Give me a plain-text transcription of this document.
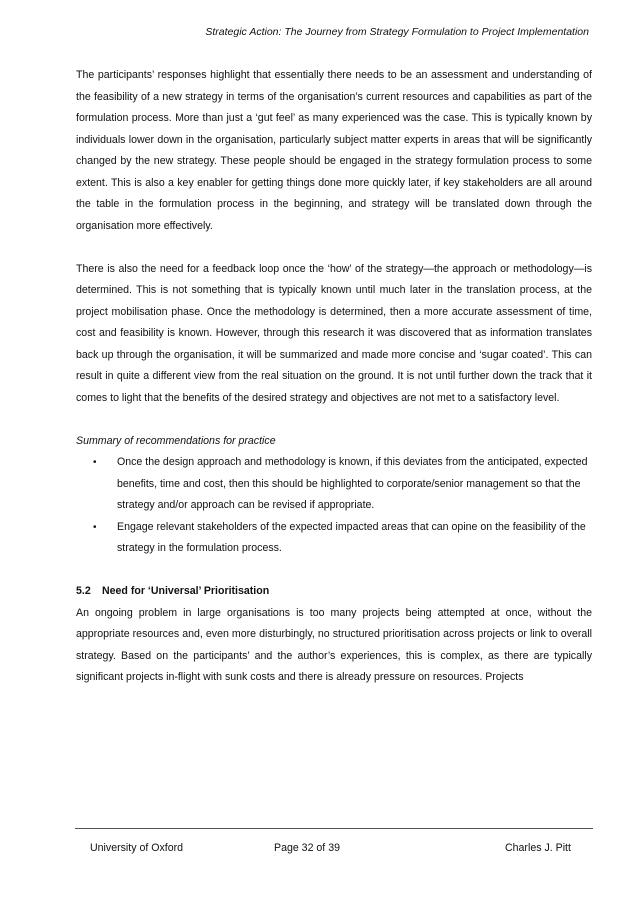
Strategic Action: The Journey from Strategy Formulation to Project Implementation

The participants’ responses highlight that essentially there needs to be an assessment and understanding of the feasibility of a new strategy in terms of the organisation’s current resources and capabilities as part of the formulation process. More than just a ‘gut feel’ as many experienced was the case. This is typically known by individuals lower down in the organisation, particularly subject matter experts in areas that will be significantly changed by the new strategy. These people should be engaged in the strategy formulation process to some extent. This is also a key enabler for getting things done more quickly later, if key stakeholders are all around the table in the formulation process in the beginning, and strategy will be translated down through the organisation more effectively.

There is also the need for a feedback loop once the ‘how’ of the strategy—the approach or methodology—is determined. This is not something that is typically known until much later in the translation process, at the project mobilisation phase. Once the methodology is determined, then a more accurate assessment of time, cost and feasibility is known. However, through this research it was discovered that as information translates back up through the organisation, it will be summarized and made more concise and ‘sugar coated’. This can result in quite a different view from the real situation on the ground. It is not until further down the track that it comes to light that the benefits of the desired strategy and objectives are not met to a satisfactory level.

Summary of recommendations for practice

• Once the design approach and methodology is known, if this deviates from the anticipated, expected benefits, time and cost, then this should be highlighted to corporate/senior management so that the strategy and/or approach can be revised if appropriate.
• Engage relevant stakeholders of the expected impacted areas that can opine on the feasibility of the strategy in the formulation process.

5.2 Need for ‘Universal’ Prioritisation

An ongoing problem in large organisations is too many projects being attempted at once, without the appropriate resources and, even more disturbingly, no structured prioritisation across projects or link to overall strategy. Based on the participants’ and the author’s experiences, this is complex, as there are typically significant projects in-flight with sunk costs and there is already pressure on resources. Projects

University of Oxford	Page 32 of 39	Charles J. Pitt
